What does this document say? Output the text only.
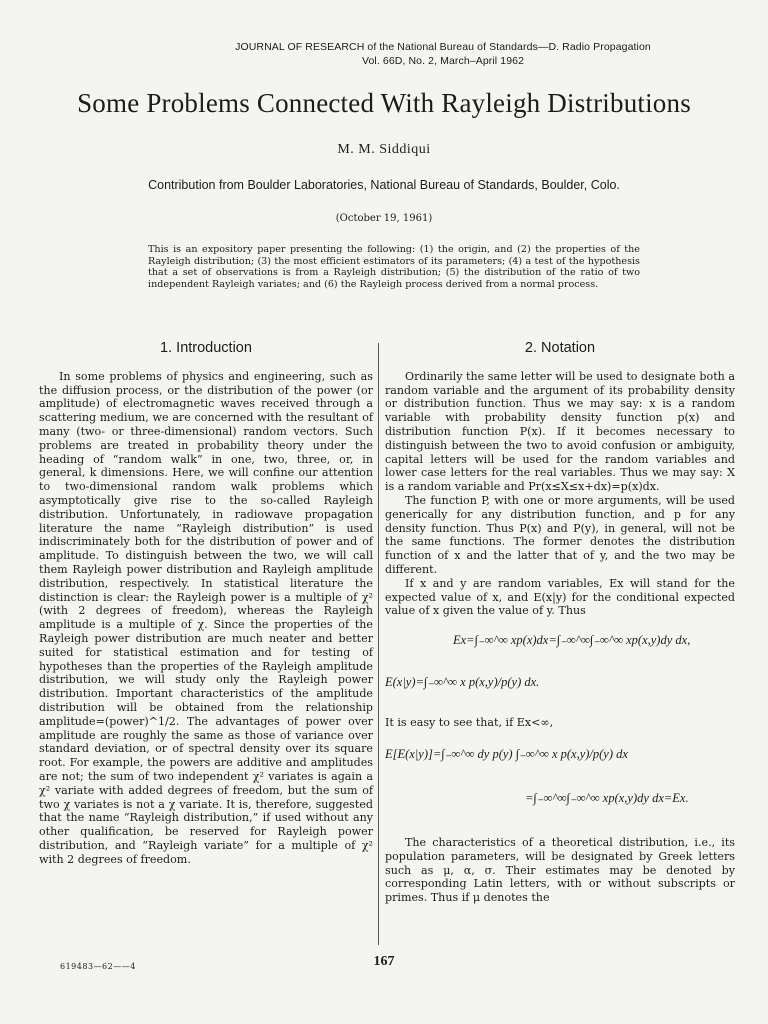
JOURNAL OF RESEARCH of the National Bureau of Standards—D. Radio Propagation
Vol. 66D, No. 2, March–April 1962
Some Problems Connected With Rayleigh Distributions
M. M. Siddiqui
Contribution from Boulder Laboratories, National Bureau of Standards, Boulder, Colo.
(October 19, 1961)

This is an expository paper presenting the following: (1) the origin, and (2) the properties of the Rayleigh distribution; (3) the most efficient estimators of its parameters; (4) a test of the hypothesis that a set of observations is from a Rayleigh distribution; (5) the distribution of the ratio of two independent Rayleigh variates; and (6) the Rayleigh process derived from a normal process.

1. Introduction

In some problems of physics and engineering, such as the diffusion process, or the distribution of the power (or amplitude) of electromagnetic waves received through a scattering medium, we are concerned with the resultant of many (two- or three-dimensional) random vectors. Such problems are treated in probability theory under the heading of “random walk” in one, two, three, or, in general, k dimensions. Here, we will confine our attention to two-dimensional random walk problems which asymptotically give rise to the so-called Rayleigh distribution. Unfortunately, in radiowave propagation literature the name “Rayleigh distribution” is used indiscriminately both for the distribution of power and of amplitude. To distinguish between the two, we will call them Rayleigh power distribution and Rayleigh amplitude distribution, respectively. In statistical literature the distinction is clear: the Rayleigh power is a multiple of χ² (with 2 degrees of freedom), whereas the Rayleigh amplitude is a multiple of χ. Since the properties of the Rayleigh power distribution are much neater and better suited for statistical estimation and for testing of hypotheses than the properties of the Rayleigh amplitude distribution, we will study only the Rayleigh power distribution. Important characteristics of the amplitude distribution will be obtained from the relationship amplitude=(power)^1/2. The advantages of power over amplitude are roughly the same as those of variance over standard deviation, or of spectral density over its square root. For example, the powers are additive and amplitudes are not; the sum of two independent χ² variates is again a χ² variate with added degrees of freedom, but the sum of two χ variates is not a χ variate. It is, therefore, suggested that the name “Rayleigh distribution,” if used without any other qualification, be reserved for Rayleigh power distribution, and “Rayleigh variate” for a multiple of χ² with 2 degrees of freedom.

2. Notation

Ordinarily the same letter will be used to designate both a random variable and the argument of its probability density or distribution function. Thus we may say: x is a random variable with probability density function p(x) and distribution function P(x). If it becomes necessary to distinguish between the two to avoid confusion or ambiguity, capital letters will be used for the random variables and lower case letters for the real variables. Thus we may say: X is a random variable and Pr(x≤X≤x+dx)=p(x)dx.

The function P, with one or more arguments, will be used generically for any distribution function, and p for any density function. Thus P(x) and P(y), in general, will not be the same functions. The former denotes the distribution function of x and the latter that of y, and the two may be different.

If x and y are random variables, Ex will stand for the expected value of x, and E(x|y) for the conditional expected value of x given the value of y. Thus

Ex=∫₋∞^∞ xp(x)dx=∫₋∞^∞∫₋∞^∞ xp(x,y)dy dx,
E(x|y)=∫₋∞^∞ x p(x,y)/p(y) dx.

It is easy to see that, if Ex<∞,

E[E(x|y)]=∫₋∞^∞ dy p(y) ∫₋∞^∞ x p(x,y)/p(y) dx
=∫₋∞^∞∫₋∞^∞ xp(x,y)dy dx=Ex.

The characteristics of a theoretical distribution, i.e., its population parameters, will be designated by Greek letters such as μ, α, σ. Their estimates may be denoted by corresponding Latin letters, with or without subscripts or primes. Thus if μ denotes the

619483—62——4	167
